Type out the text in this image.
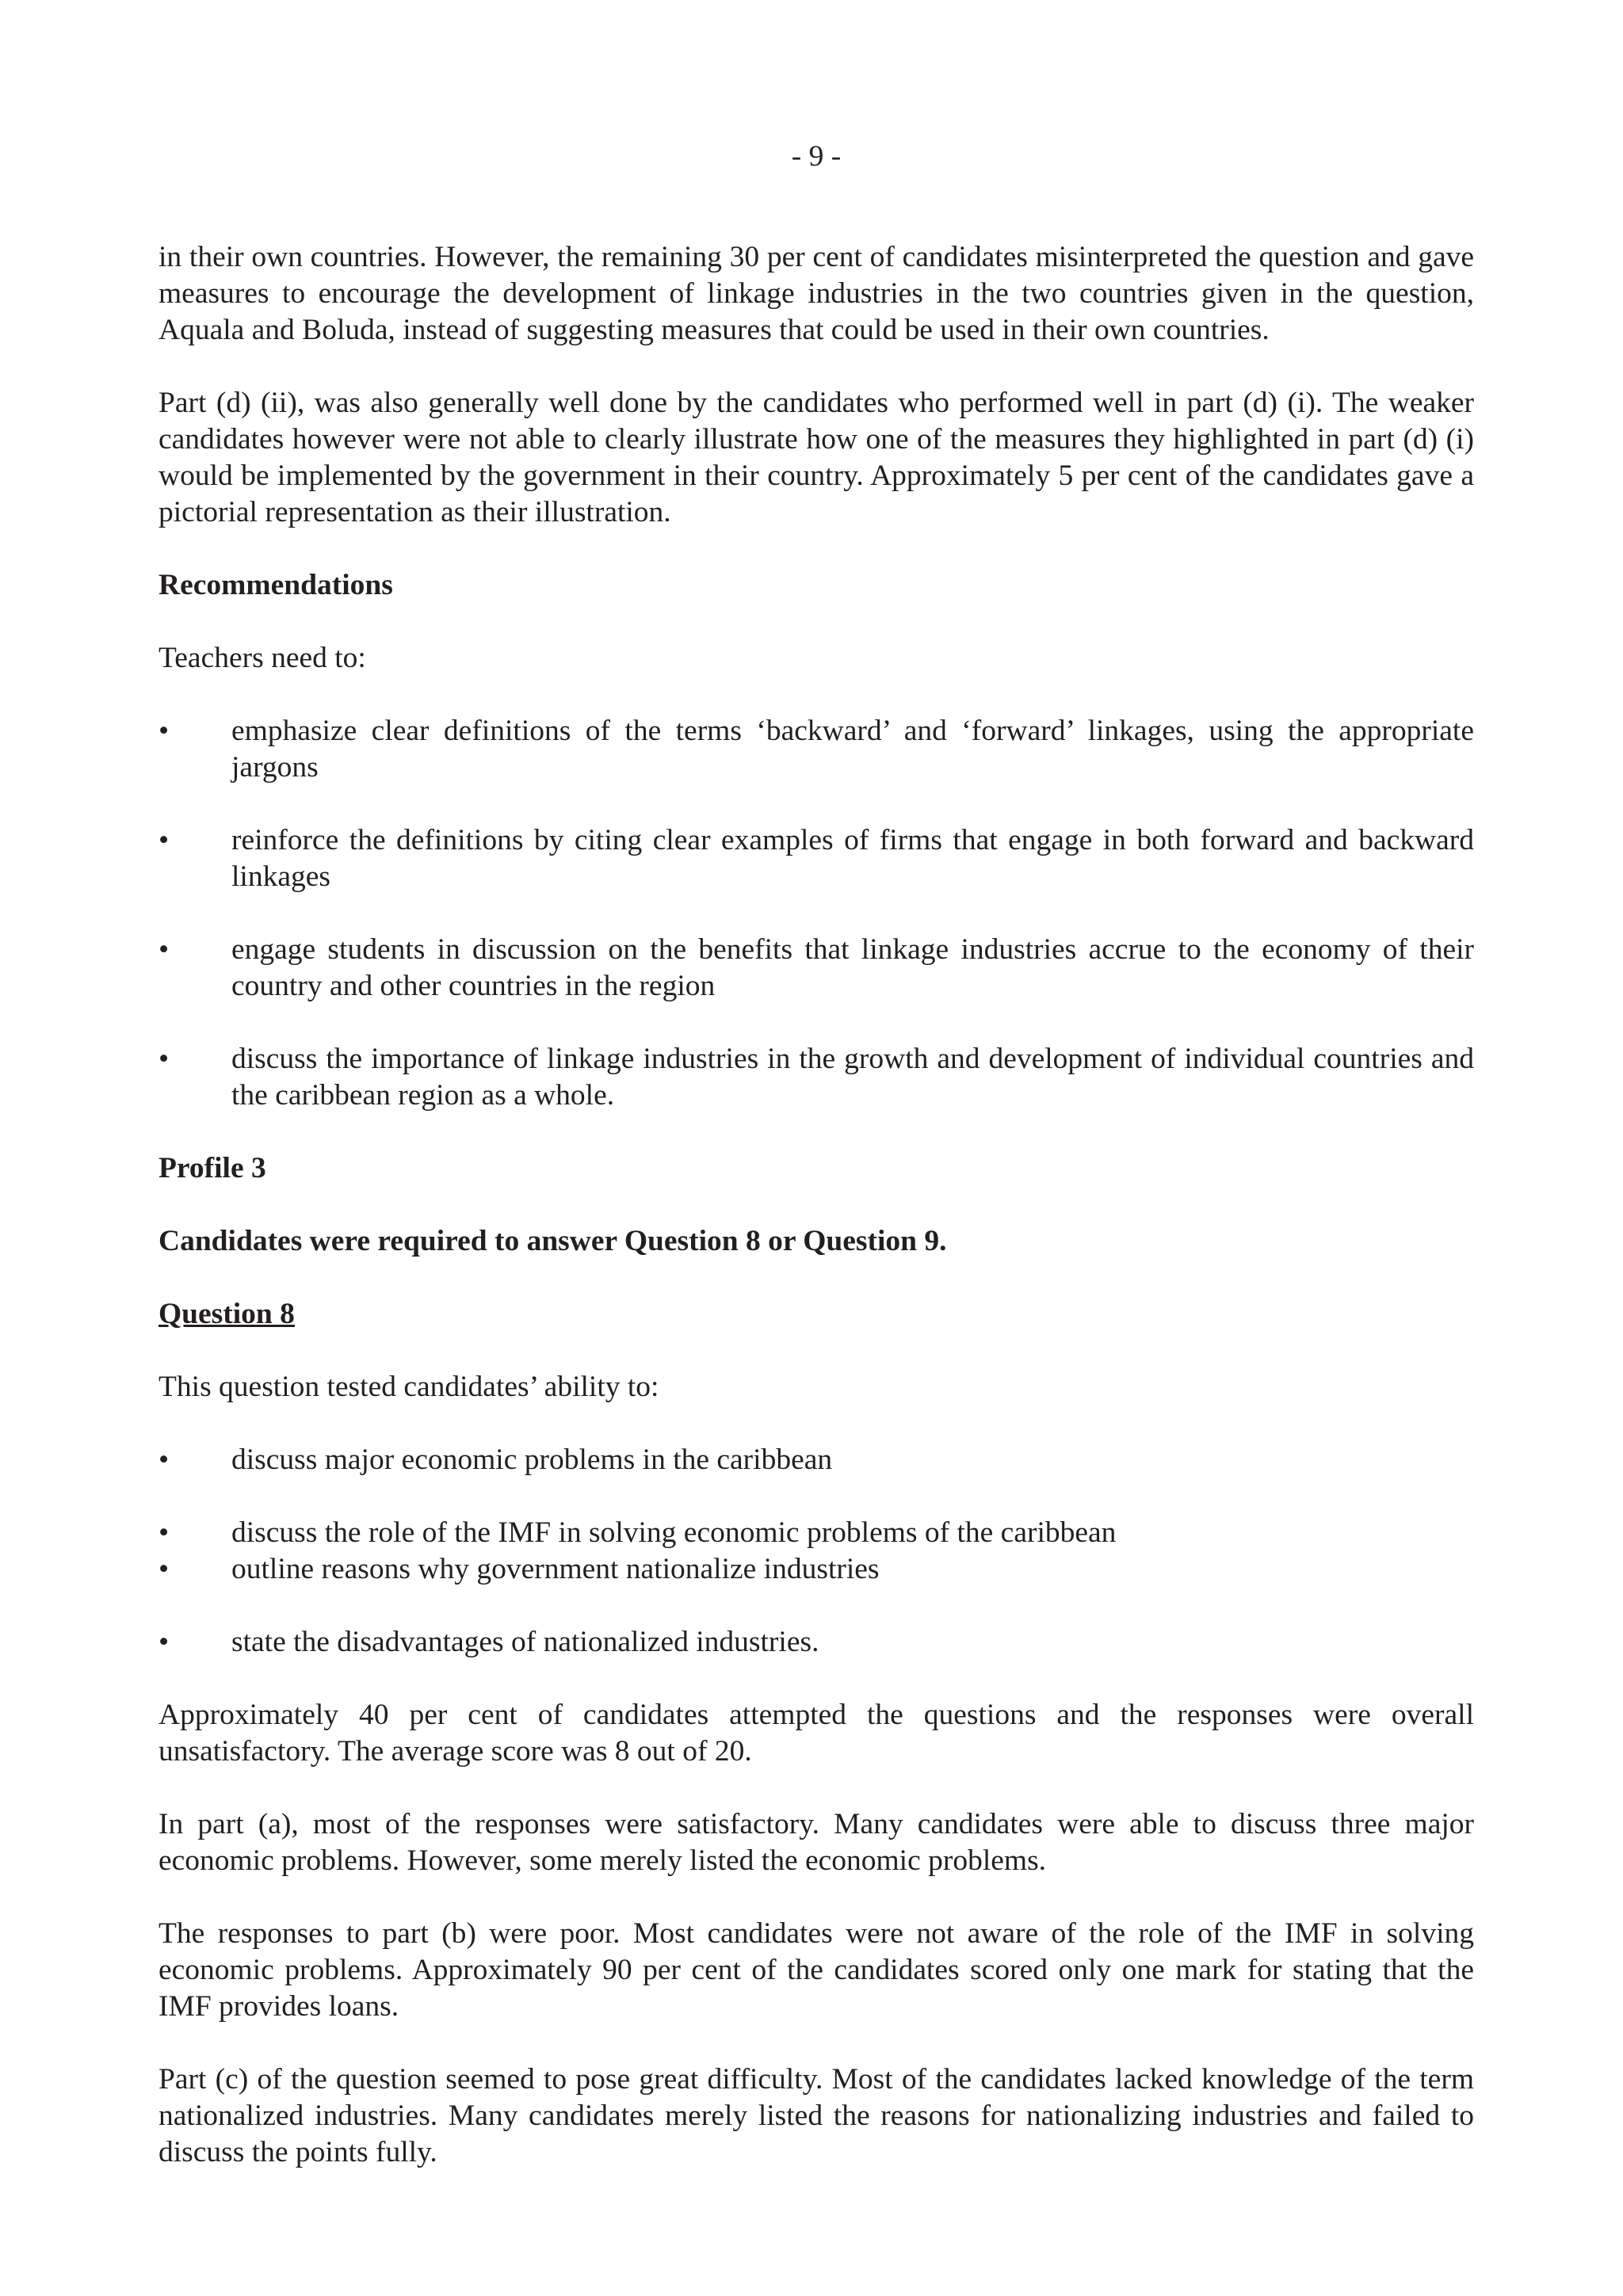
- 9 -

in their own countries. However, the remaining 30 per cent of candidates misinterpreted the question and gave measures to encourage the development of linkage industries in the two countries given in the question, Aquala and Boluda, instead of suggesting measures that could be used in their own countries.

Part (d) (ii), was also generally well done by the candidates who performed well in part (d) (i). The weaker candidates however were not able to clearly illustrate how one of the measures they highlighted in part (d) (i) would be implemented by the government in their country. Approximately 5 per cent of the candidates gave a pictorial representation as their illustration.

Recommendations

Teachers need to:

• emphasize clear definitions of the terms ‘backward’ and ‘forward’ linkages, using the appropriate jargons
• reinforce the definitions by citing clear examples of firms that engage in both forward and backward linkages
• engage students in discussion on the benefits that linkage industries accrue to the economy of their country and other countries in the region
• discuss the importance of linkage industries in the growth and development of individual countries and the caribbean region as a whole.

Profile 3

Candidates were required to answer Question 8 or Question 9.

Question 8

This question tested candidates’ ability to:

• discuss major economic problems in the caribbean
• discuss the role of the IMF in solving economic problems of the caribbean
• outline reasons why government nationalize industries
• state the disadvantages of nationalized industries.

Approximately 40 per cent of candidates attempted the questions and the responses were overall unsatisfactory. The average score was 8 out of 20.

In part (a), most of the responses were satisfactory. Many candidates were able to discuss three major economic problems. However, some merely listed the economic problems.

The responses to part (b) were poor. Most candidates were not aware of the role of the IMF in solving economic problems. Approximately 90 per cent of the candidates scored only one mark for stating that the IMF provides loans.

Part (c) of the question seemed to pose great difficulty. Most of the candidates lacked knowledge of the term nationalized industries. Many candidates merely listed the reasons for nationalizing industries and failed to discuss the points fully.
